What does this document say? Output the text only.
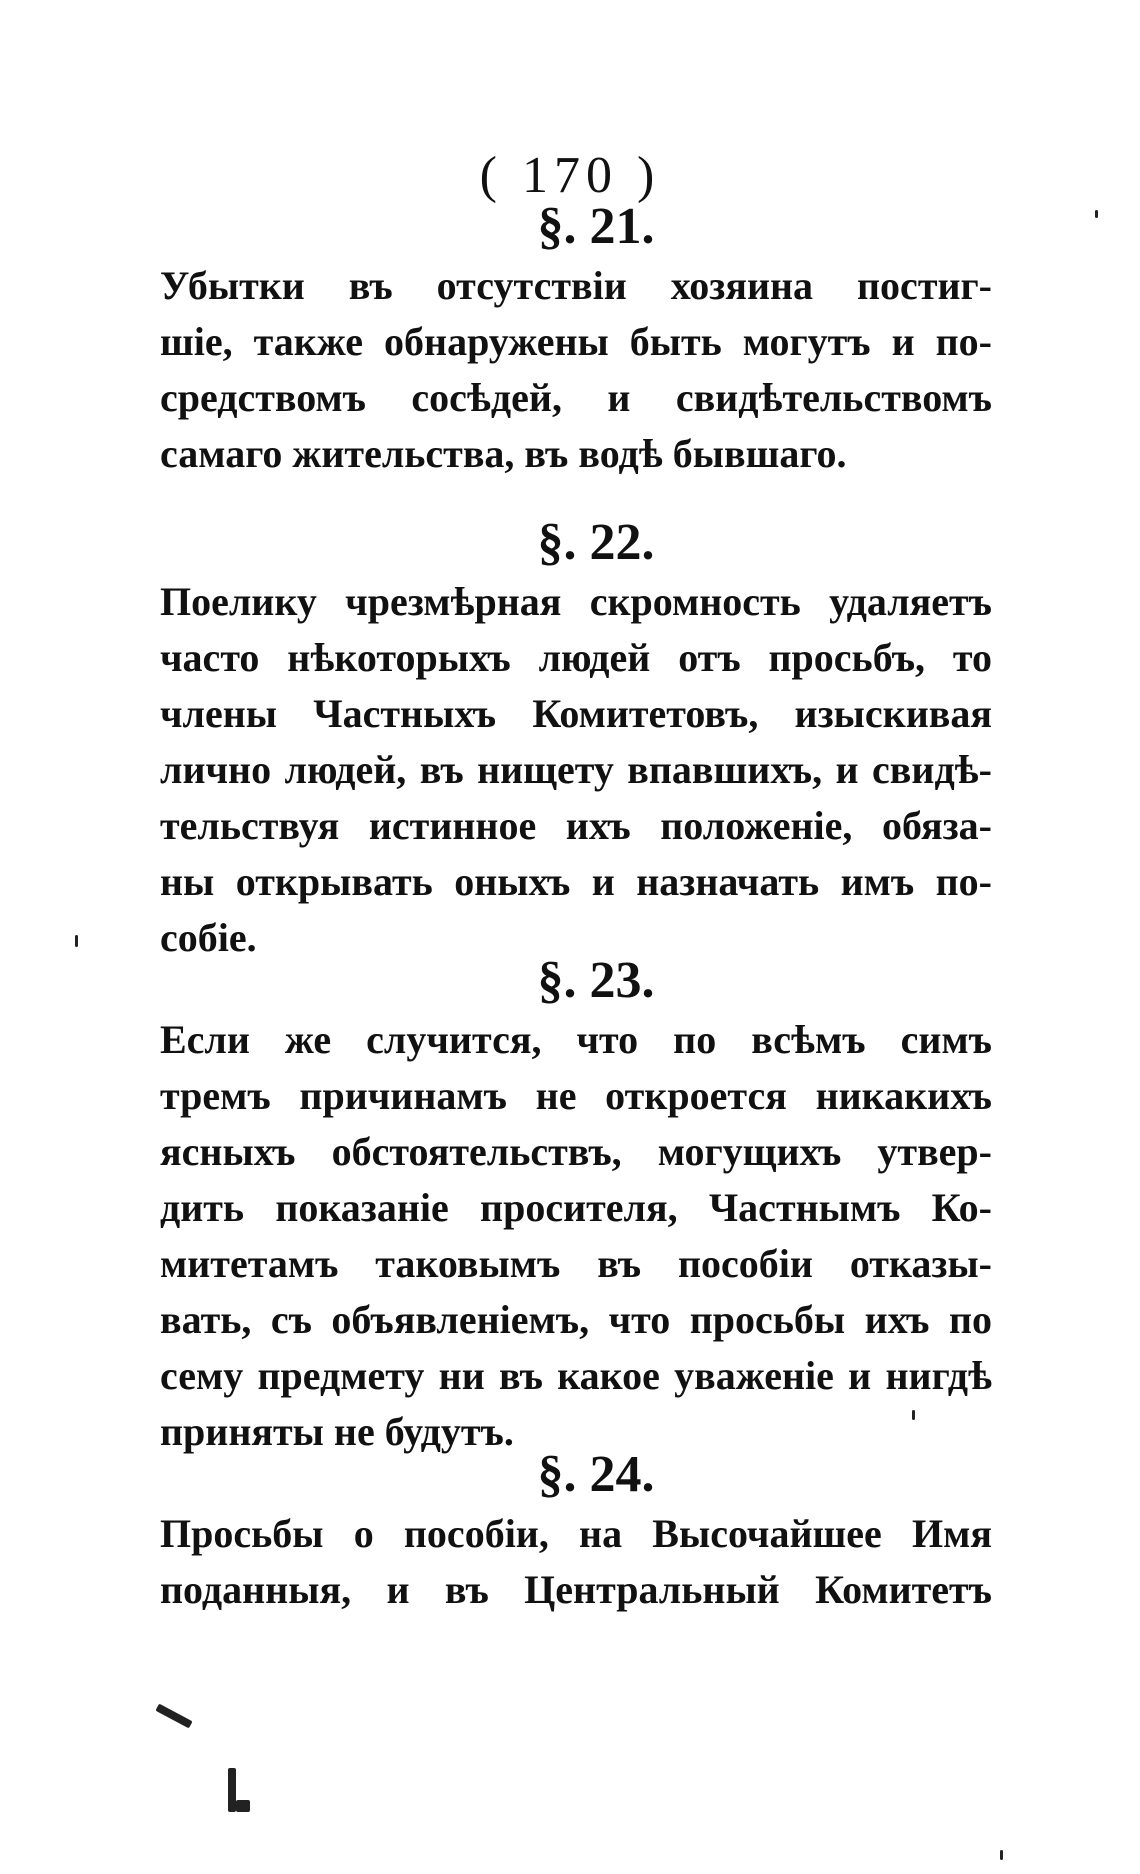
( 170 )
§. 21.
Убытки въ отсутствіи хозяина постиг-
шіе, также обнаружены быть могутъ и по-
средствомъ сосѣдей, и свидѣтельствомъ
самаго жительства, въ водѣ бывшаго.
§. 22.
Поелику чрезмѣрная скромность удаляетъ
часто нѣкоторыхъ людей отъ просьбъ, то
члены Частныхъ Комитетовъ, изыскивая
лично людей, въ нищету впавшихъ, и свидѣ-
тельствуя истинное ихъ положеніе, обяза-
ны открывать оныхъ и назначать имъ по-
собіе.
§. 23.
Если же случится, что по всѣмъ симъ
тремъ причинамъ не откроется никакихъ
ясныхъ обстоятельствъ, могущихъ утвер-
дить показаніе просителя, Частнымъ Ко-
митетамъ таковымъ въ пособіи отказы-
вать, съ объявленіемъ, что просьбы ихъ по
сему предмету ни въ какое уваженіе и нигдѣ
приняты не будутъ.
§. 24.
Просьбы о пособіи, на Высочайшее Имя
поданныя, и въ Центральный Комитетъ
